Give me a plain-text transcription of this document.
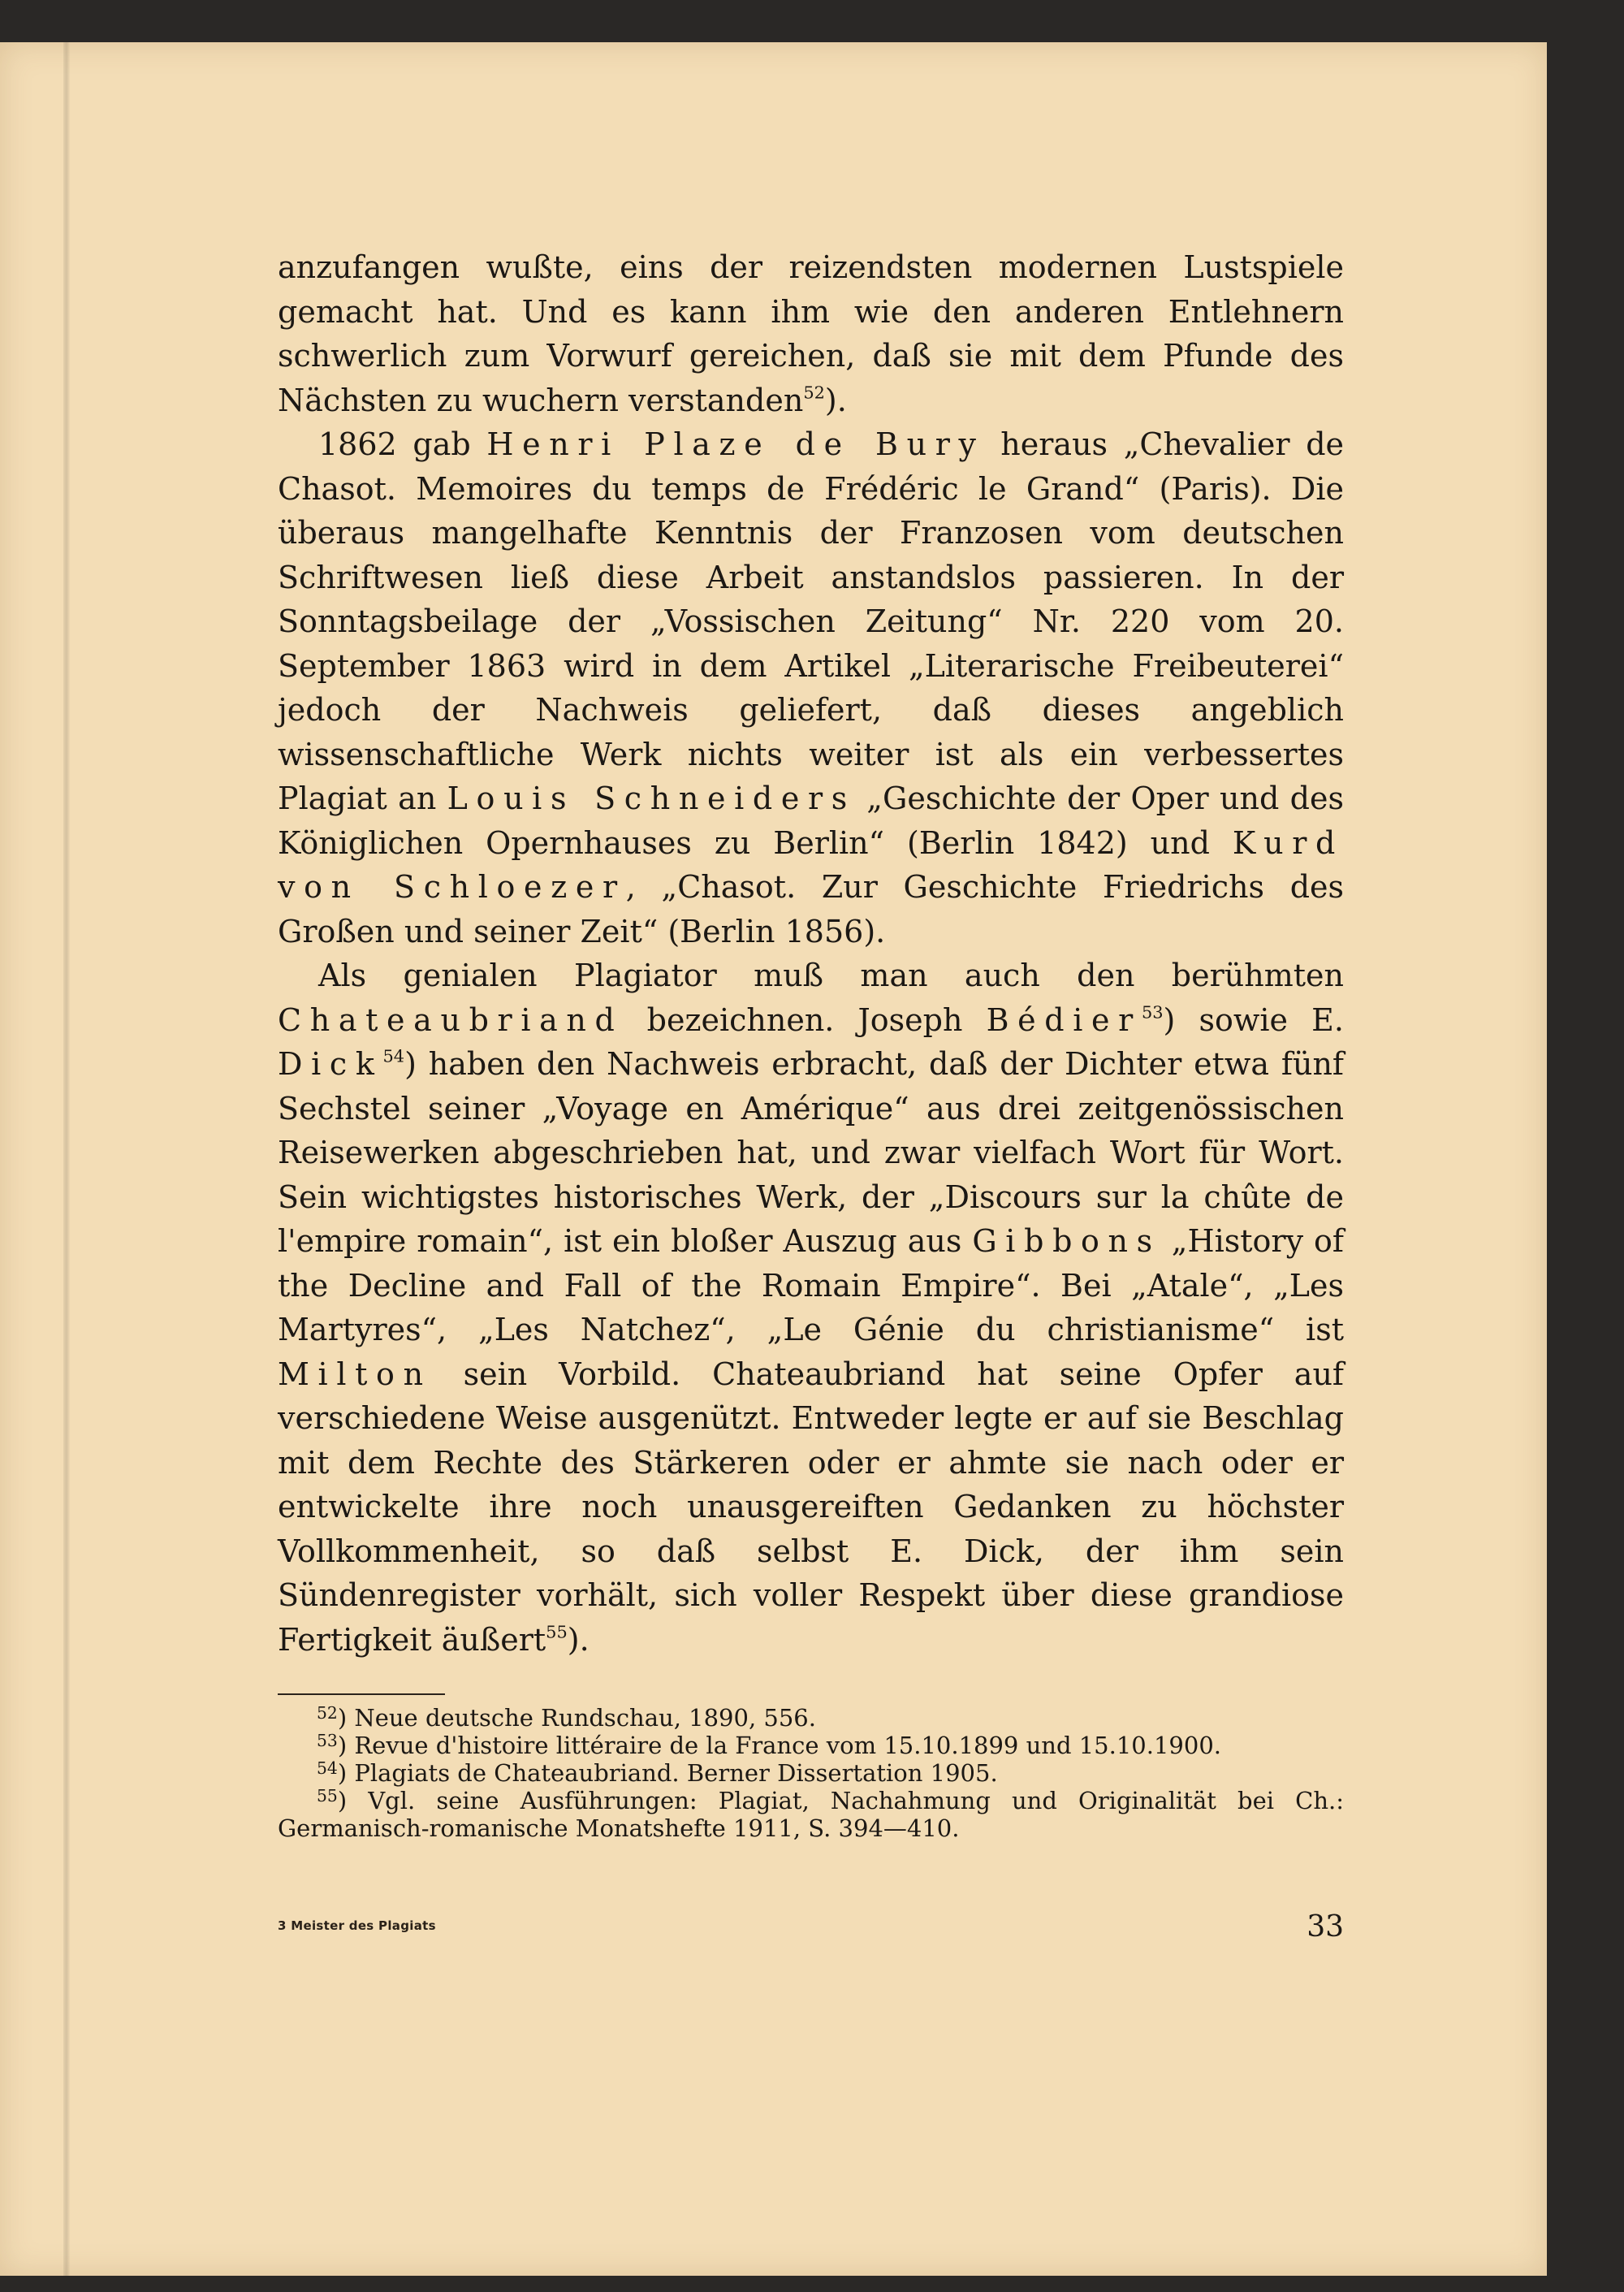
anzufangen wußte, eins der reizendsten modernen Lustspiele gemacht hat. Und es kann ihm wie den anderen Entlehnern schwerlich zum Vorwurf gereichen, daß sie mit dem Pfunde des Nächsten zu wuchern verstanden$^{52}$).

1862 gab Henri Plaze de Bury heraus „Chevalier de Chasot. Memoires du temps de Frédéric le Grand“ (Paris). Die überaus mangelhafte Kenntnis der Franzosen vom deutschen Schriftwesen ließ diese Arbeit anstandslos passieren. In der Sonntagsbeilage der „Vossischen Zeitung“ Nr. 220 vom 20. September 1863 wird in dem Artikel „Literarische Freibeuterei“ jedoch der Nachweis geliefert, daß dieses angeblich wissenschaftliche Werk nichts weiter ist als ein verbessertes Plagiat an Louis Schneiders „Geschichte der Oper und des Königlichen Opernhauses zu Berlin“ (Berlin 1842) und Kurd von Schloezer, „Chasot. Zur Geschichte Friedrichs des Großen und seiner Zeit“ (Berlin 1856).

Als genialen Plagiator muß man auch den berühmten Chateaubriand bezeichnen. Joseph Bédier$^{53}$) sowie E. Dick$^{54}$) haben den Nachweis erbracht, daß der Dichter etwa fünf Sechstel seiner „Voyage en Amérique“ aus drei zeitgenössischen Reisewerken abgeschrieben hat, und zwar vielfach Wort für Wort. Sein wichtigstes historisches Werk, der „Discours sur la chûte de l'empire romain“, ist ein bloßer Auszug aus Gibbons „History of the Decline and Fall of the Romain Empire“. Bei „Atale“, „Les Martyres“, „Les Natchez“, „Le Génie du christianisme“ ist Milton sein Vorbild. Chateaubriand hat seine Opfer auf verschiedene Weise ausgenützt. Entweder legte er auf sie Beschlag mit dem Rechte des Stärkeren oder er ahmte sie nach oder er entwickelte ihre noch unausgereiften Gedanken zu höchster Vollkommenheit, so daß selbst E. Dick, der ihm sein Sündenregister vorhält, sich voller Respekt über diese grandiose Fertigkeit äußert$^{55}$).

$^{52}$) Neue deutsche Rundschau, 1890, 556.

$^{53}$) Revue d'histoire littéraire de la France vom 15.10.1899 und 15.10.1900.

$^{54}$) Plagiats de Chateaubriand. Berner Dissertation 1905.

$^{55}$) Vgl. seine Ausführungen: Plagiat, Nachahmung und Originalität bei Ch.: Germanisch-romanische Monatshefte 1911, S. 394—410.

3 Meister des Plagiats	33
